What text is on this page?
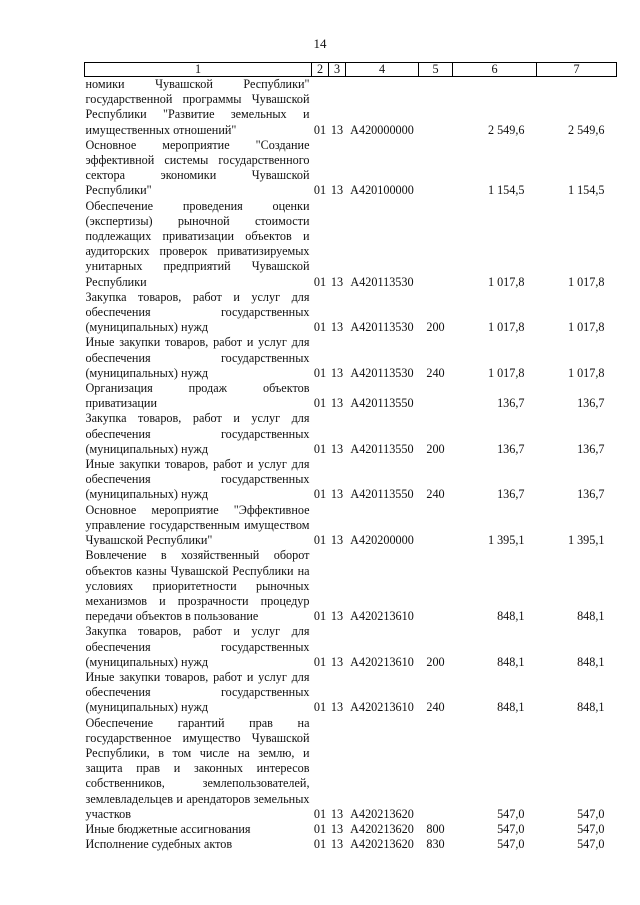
14
1	2	3	4	5	6	7
номики Чувашской Республики" государственной программы Чувашской Республики "Развитие земельных и имущественных отношений"	01	13	А420000000		2 549,6	2 549,6
Основное мероприятие "Создание эффективной системы государственного сектора экономики Чувашской Республики"	01	13	А420100000		1 154,5	1 154,5
Обеспечение проведения оценки (экспертизы) рыночной стоимости подлежащих приватизации объектов и аудиторских проверок приватизируемых унитарных предприятий Чувашской Республики	01	13	А420113530		1 017,8	1 017,8
Закупка товаров, работ и услуг для обеспечения государственных (муниципальных) нужд	01	13	А420113530	200	1 017,8	1 017,8
Иные закупки товаров, работ и услуг для обеспечения государственных (муниципальных) нужд	01	13	А420113530	240	1 017,8	1 017,8
Организация продаж объектов приватизации	01	13	А420113550		136,7	136,7
Закупка товаров, работ и услуг для обеспечения государственных (муниципальных) нужд	01	13	А420113550	200	136,7	136,7
Иные закупки товаров, работ и услуг для обеспечения государственных (муниципальных) нужд	01	13	А420113550	240	136,7	136,7
Основное мероприятие "Эффективное управление государственным имуществом Чувашской Республики"	01	13	А420200000		1 395,1	1 395,1
Вовлечение в хозяйственный оборот объектов казны Чувашской Республики на условиях приоритетности рыночных механизмов и прозрачности процедур передачи объектов в пользование	01	13	А420213610		848,1	848,1
Закупка товаров, работ и услуг для обеспечения государственных (муниципальных) нужд	01	13	А420213610	200	848,1	848,1
Иные закупки товаров, работ и услуг для обеспечения государственных (муниципальных) нужд	01	13	А420213610	240	848,1	848,1
Обеспечение гарантий прав на государственное имущество Чувашской Республики, в том числе на землю, и защита прав и законных интересов собственников, землепользователей, землевладельцев и арендаторов земельных участков	01	13	А420213620		547,0	547,0
Иные бюджетные ассигнования	01	13	А420213620	800	547,0	547,0
Исполнение судебных актов	01	13	А420213620	830	547,0	547,0
